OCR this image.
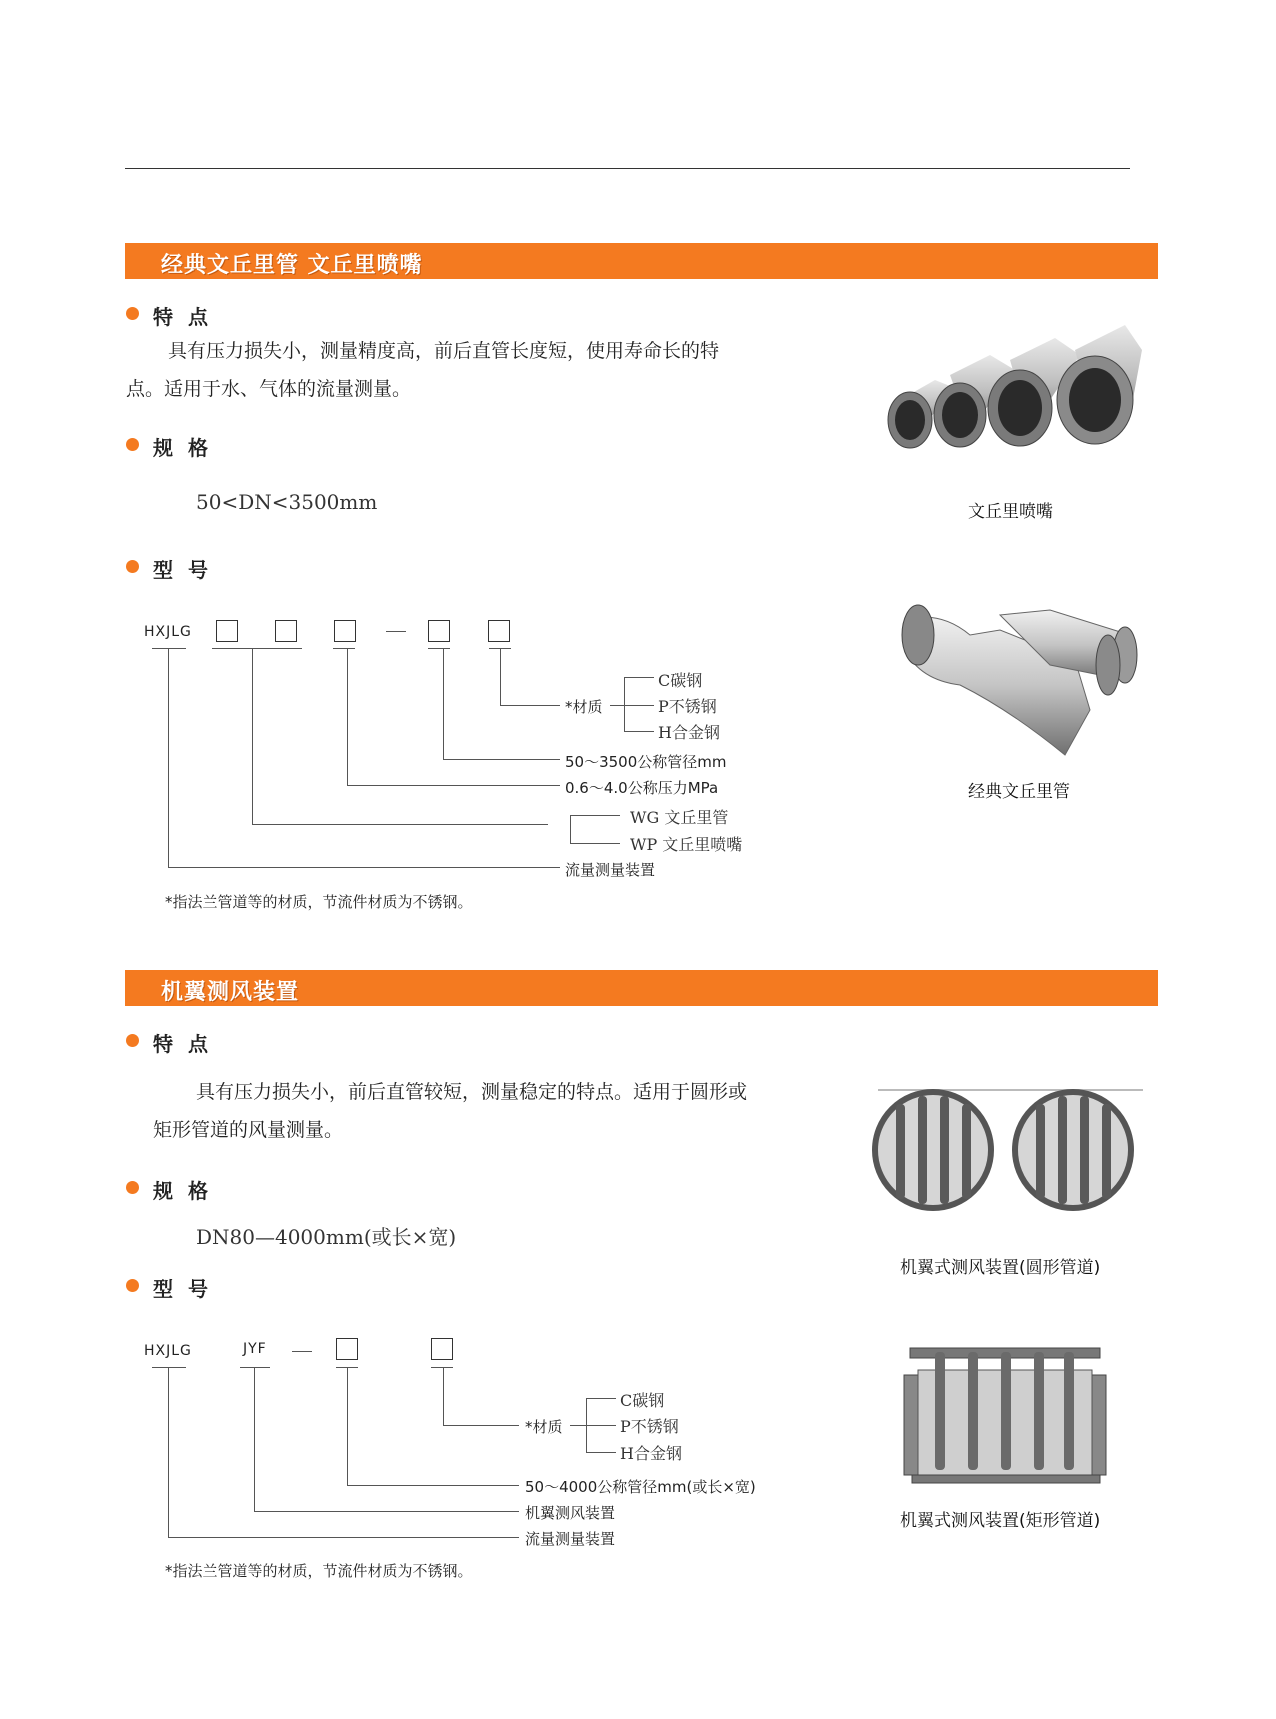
经典文丘里管 文丘里喷嘴
特 点
具有压力损失小，测量精度高，前后直管长度短，使用寿命长的特
点。适用于水、气体的流量测量。
规 格
50<DN<3500mm
型 号
HXJLG
*材质
C碳钢
P不锈钢
H合金钢
50～3500公称管径mm
0.6～4.0公称压力MPa
WG 文丘里管
WP 文丘里喷嘴
流量测量装置
*指法兰管道等的材质，节流件材质为不锈钢。
文丘里喷嘴
经典文丘里管
机翼测风装置
特 点
具有压力损失小，前后直管较短，测量稳定的特点。适用于圆形或
矩形管道的风量测量。
规 格
DN80—4000mm(或长×宽)
型 号
HXJLG	JYF
*材质
C碳钢
P不锈钢
H合金钢
50～4000公称管径mm(或长×宽)
机翼测风装置
流量测量装置
*指法兰管道等的材质，节流件材质为不锈钢。
机翼式测风装置(圆形管道)
机翼式测风装置(矩形管道)
